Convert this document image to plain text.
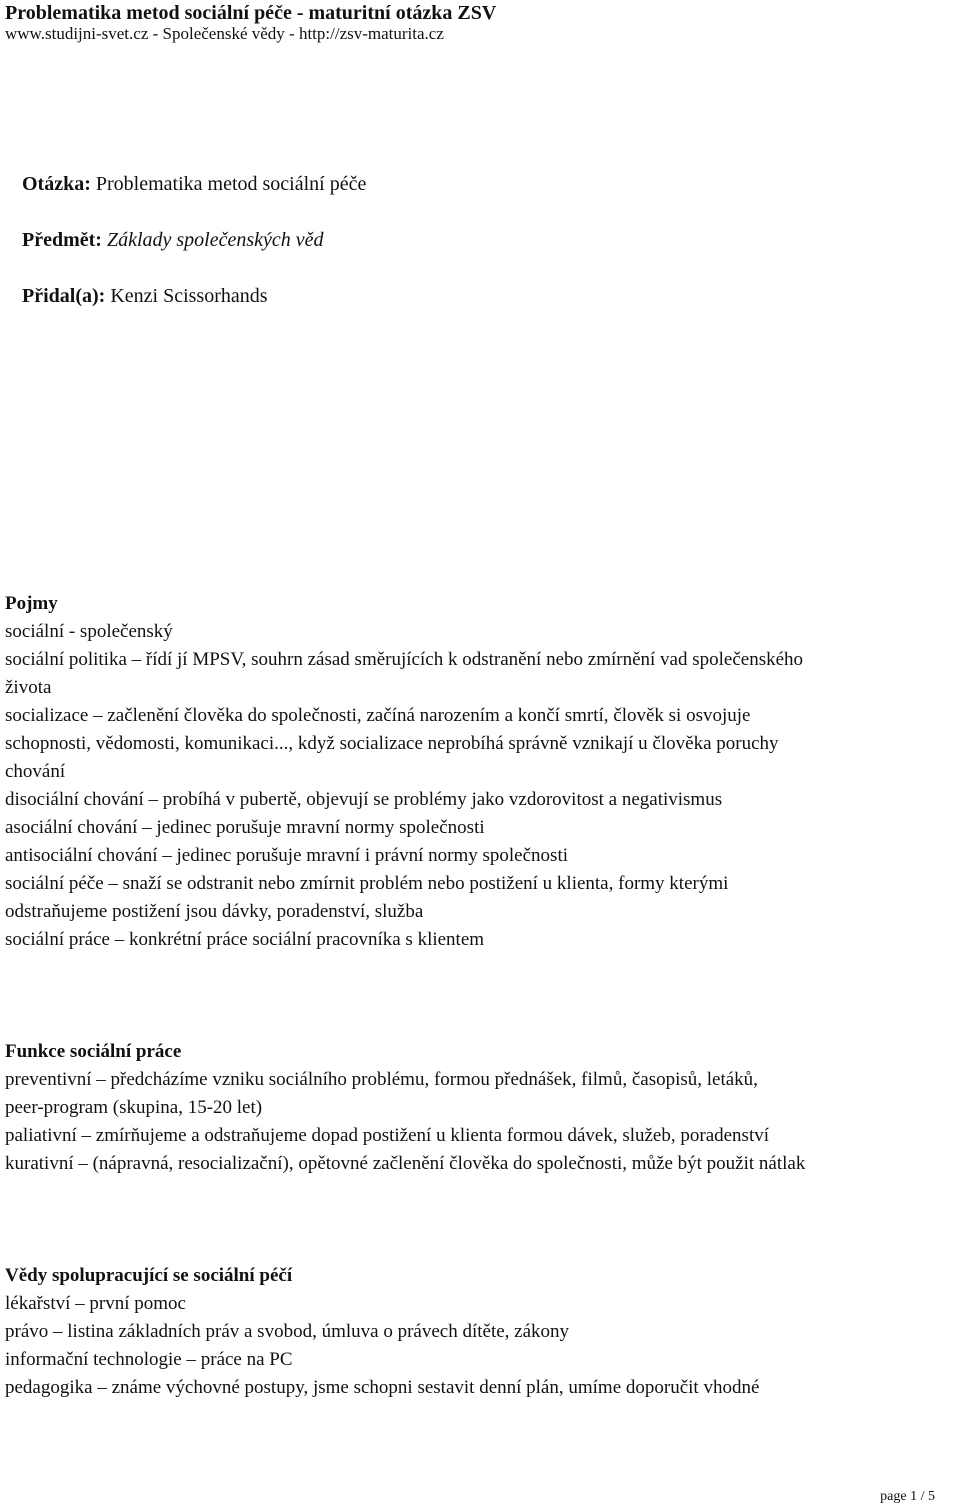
Problematika metod sociální péče - maturitní otázka ZSV
www.studijni-svet.cz - Společenské vědy - http://zsv-maturita.cz
Otázka: Problematika metod sociální péče
Předmět: Základy společenských věd
Přidal(a): Kenzi Scissorhands
Pojmy
sociální - společenský
sociální politika – řídí jí MPSV, souhrn zásad směrujících k odstranění nebo zmírnění vad společenského
života
socializace – začlenění člověka do společnosti, začíná narozením a končí smrtí, člověk si osvojuje
schopnosti, vědomosti, komunikaci..., když socializace neprobíhá správně vznikají u člověka poruchy
chování
disociální chování – probíhá v pubertě, objevují se problémy jako vzdorovitost a negativismus
asociální chování – jedinec porušuje mravní normy společnosti
antisociální chování – jedinec porušuje mravní i právní normy společnosti
sociální péče – snaží se odstranit nebo zmírnit problém nebo postižení u klienta, formy kterými
odstraňujeme postižení jsou dávky, poradenství, služba
sociální práce – konkrétní práce sociální pracovníka s klientem
Funkce sociální práce
preventivní – předcházíme vzniku sociálního problému, formou přednášek, filmů, časopisů, letáků,
peer-program (skupina, 15-20 let)
paliativní – zmírňujeme a odstraňujeme dopad postižení u klienta formou dávek, služeb, poradenství
kurativní – (nápravná, resocializační), opětovné začlenění člověka do společnosti, může být použit nátlak
Vědy spolupracující se sociální péčí
lékařství – první pomoc
právo – listina základních práv a svobod, úmluva o právech dítěte, zákony
informační technologie – práce na PC
pedagogika – známe výchovné postupy, jsme schopni sestavit denní plán, umíme doporučit vhodné
page 1 / 5
